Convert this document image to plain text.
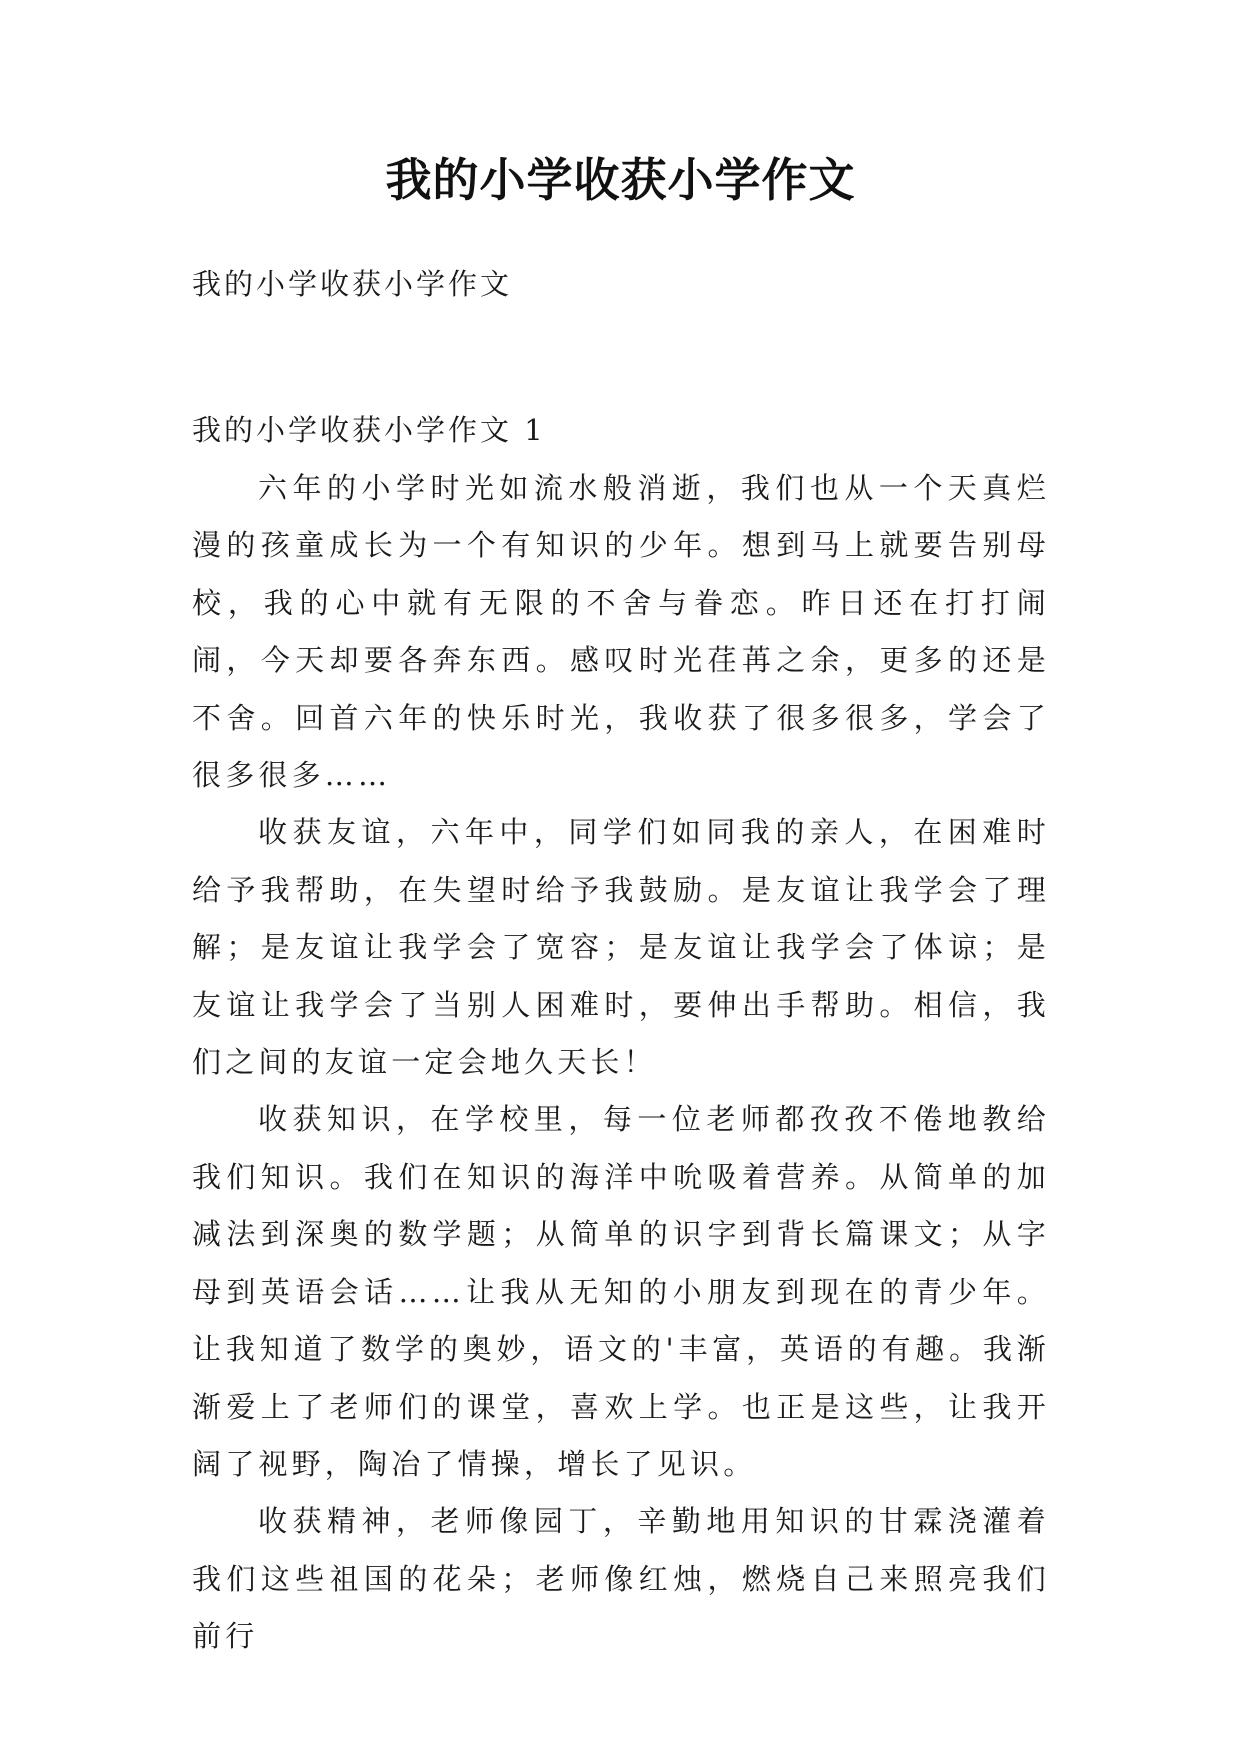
我的小学收获小学作文

我的小学收获小学作文

我的小学收获小学作文 1

六年的小学时光如流水般消逝，我们也从一个天真烂漫的孩童成长为一个有知识的少年。想到马上就要告别母校，我的心中就有无限的不舍与眷恋。昨日还在打打闹闹，今天却要各奔东西。感叹时光荏苒之余，更多的还是不舍。回首六年的快乐时光，我收获了很多很多，学会了很多很多……

收获友谊，六年中，同学们如同我的亲人，在困难时给予我帮助，在失望时给予我鼓励。是友谊让我学会了理解；是友谊让我学会了宽容；是友谊让我学会了体谅；是友谊让我学会了当别人困难时，要伸出手帮助。相信，我们之间的友谊一定会地久天长！

收获知识，在学校里，每一位老师都孜孜不倦地教给我们知识。我们在知识的海洋中吮吸着营养。从简单的加减法到深奥的数学题；从简单的识字到背长篇课文；从字母到英语会话……让我从无知的小朋友到现在的青少年。让我知道了数学的奥妙，语文的'丰富，英语的有趣。我渐渐爱上了老师们的课堂，喜欢上学。也正是这些，让我开阔了视野，陶冶了情操，增长了见识。

收获精神，老师像园丁，辛勤地用知识的甘霖浇灌着我们这些祖国的花朵；老师像红烛，燃烧自己来照亮我们前行
